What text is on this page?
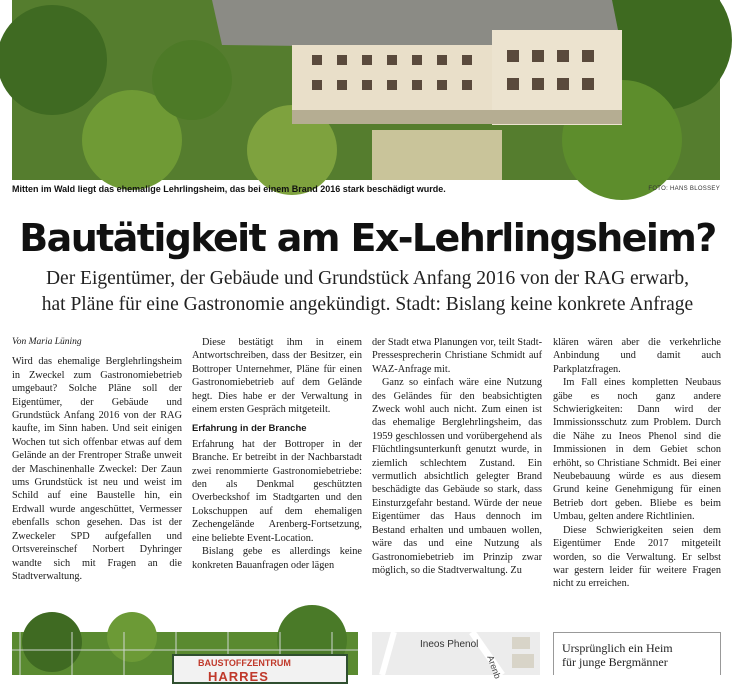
Mitten im Wald liegt das ehemalige Lehrlingsheim, das bei einem Brand 2016 stark beschädigt wurde.	FOTO: HANS BLOSSEY
Bautätigkeit am Ex-Lehrlingsheim?
Der Eigentümer, der Gebäude und Grundstück Anfang 2016 von der RAG erwarb,
hat Pläne für eine Gastronomie angekündigt. Stadt: Bislang keine konkrete Anfrage

Von Maria Lüning

Wird das ehemalige Berglehrlingsheim in Zweckel zum Gastronomiebetrieb umgebaut? Solche Pläne soll der Eigentümer, der Gebäude und Grundstück Anfang 2016 von der RAG kaufte, im Sinn haben. Und seit einigen Wochen tut sich offenbar etwas auf dem Gelände an der Frentroper Straße unweit der Maschinenhalle Zweckel: Der Zaun ums Grundstück ist neu und weist im Schild auf eine Baustelle hin, ein Erdwall wurde angeschüttet, Vermesser ebenfalls schon gesehen. Das ist der Zweckeler SPD aufgefallen und Ortsvereinschef Norbert Dyhringer wandte sich mit Fragen an die Stadtverwaltung.

Diese bestätigt ihm in einem Antwortschreiben, dass der Besitzer, ein Bottroper Unternehmer, Pläne für einen Gastronomiebetrieb auf dem Gelände hegt. Dies habe er der Verwaltung in einem ersten Gespräch mitgeteilt.

Erfahrung in der Branche

Erfahrung hat der Bottroper in der Branche. Er betreibt in der Nachbarstadt zwei renommierte Gastronomiebetriebe: den als Denkmal geschützten Overbeckshof im Stadtgarten und den Lokschuppen auf dem ehemaligen Zechengelände Arenberg-Fortsetzung, eine beliebte Event-Location.

Bislang gebe es allerdings keine konkreten Bauanfragen oder lägen

der Stadt etwa Planungen vor, teilt Stadt-Pressesprecherin Christiane Schmidt auf WAZ-Anfrage mit.

Ganz so einfach wäre eine Nutzung des Geländes für den beabsichtigten Zweck wohl auch nicht. Zum einen ist das ehemalige Berglehrlingsheim, das 1959 geschlossen und vorübergehend als Flüchtlingsunterkunft genutzt wurde, in ziemlich schlechtem Zustand. Ein vermutlich absichtlich gelegter Brand beschädigte das Gebäude so stark, dass Einsturzgefahr bestand. Würde der neue Eigentümer das Haus dennoch im Bestand erhalten und umbauen wollen, wäre das und eine Nutzung als Gastronomiebetrieb im Prinzip zwar möglich, so die Stadtverwaltung. Zu

klären wären aber die verkehrliche Anbindung und damit auch Parkplatzfragen.

Im Fall eines kompletten Neubaus gäbe es noch ganz andere Schwierigkeiten: Dann wird der Immissionsschutz zum Problem. Durch die Nähe zu Ineos Phenol sind die Immissionen in dem Gebiet schon erhöht, so Christiane Schmidt. Bei einer Neubebauung würde es aus diesem Grund keine Genehmigung für einen Betrieb dort geben. Bliebe es beim Umbau, gelten andere Richtlinien.

Diese Schwierigkeiten seien dem Eigentümer Ende 2017 mitgeteilt worden, so die Verwaltung. Er selbst war gestern leider für weitere Fragen nicht zu erreichen.

BAUSTOFFZENTRUM
HARRES
Ineos Phenol
Arenb
Ursprünglich ein Heim
für junge Bergmänner
